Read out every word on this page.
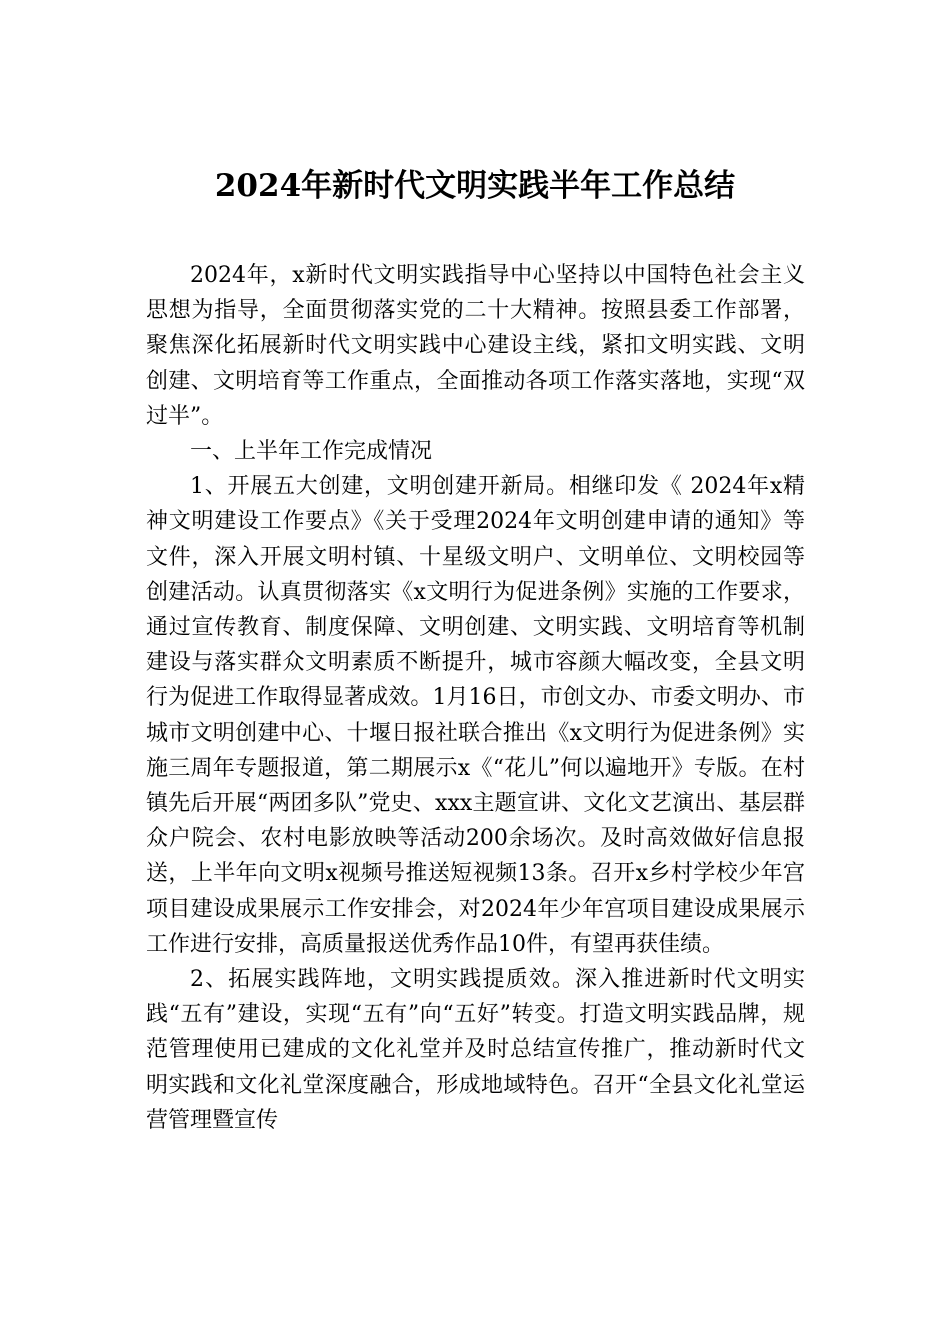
2024年新时代文明实践半年工作总结

2024年，x新时代文明实践指导中心坚持以中国特色社会主义思想为指导，全面贯彻落实党的二十大精神。按照县委工作部署，聚焦深化拓展新时代文明实践中心建设主线，紧扣文明实践、文明创建、文明培育等工作重点，全面推动各项工作落实落地，实现“双过半”。

一、上半年工作完成情况

1、开展五大创建，文明创建开新局。相继印发《 2024年x精神文明建设工作要点》《关于受理2024年文明创建申请的通知》等文件，深入开展文明村镇、十星级文明户、文明单位、文明校园等创建活动。认真贯彻落实《x文明行为促进条例》实施的工作要求，通过宣传教育、制度保障、文明创建、文明实践、文明培育等机制建设与落实群众文明素质不断提升，城市容颜大幅改变，全县文明行为促进工作取得显著成效。1月16日，市创文办、市委文明办、市城市文明创建中心、十堰日报社联合推出《x文明行为促进条例》实施三周年专题报道，第二期展示x《“花儿”何以遍地开》专版。在村镇先后开展“两团多队”党史、xxx主题宣讲、文化文艺演出、基层群众户院会、农村电影放映等活动200余场次。及时高效做好信息报送，上半年向文明x视频号推送短视频13条。召开x乡村学校少年宫项目建设成果展示工作安排会，对2024年少年宫项目建设成果展示工作进行安排，高质量报送优秀作品10件，有望再获佳绩。

2、拓展实践阵地，文明实践提质效。深入推进新时代文明实践“五有”建设，实现“五有”向“五好”转变。打造文明实践品牌，规范管理使用已建成的文化礼堂并及时总结宣传推广，推动新时代文明实践和文化礼堂深度融合，形成地域特色。召开“全县文化礼堂运营管理暨宣传
